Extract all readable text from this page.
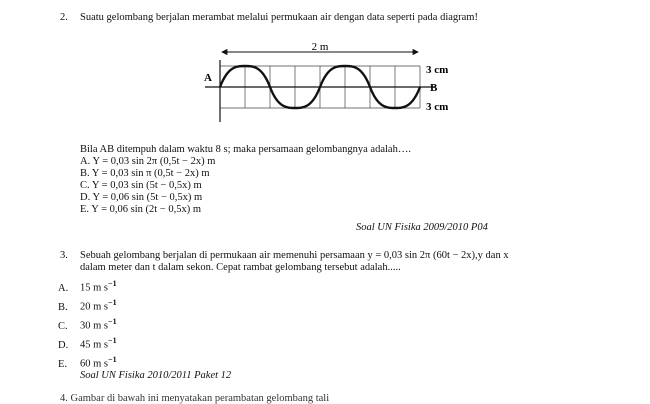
2. Suatu gelombang berjalan merambat melalui permukaan air dengan data seperti pada diagram!
2 m
A
3 cm
B
3 cm
Bila AB ditempuh dalam waktu 8 s; maka persamaan gelombangnya adalah….
A. Y = 0,03 sin 2π (0,5t − 2x) m
B. Y = 0,03 sin π (0,5t − 2x) m
C. Y = 0,03 sin (5t − 0,5x) m
D. Y = 0,06 sin (5t − 0,5x) m
E. Y = 0,06 sin (2t − 0,5x) m
Soal UN Fisika 2009/2010 P04
3. Sebuah gelombang berjalan di permukaan air memenuhi persamaan y = 0,03 sin 2π (60t − 2x),y dan x
dalam meter dan t dalam sekon. Cepat rambat gelombang tersebut adalah.....
A. 15 m $s^{-1}$
B. 20 m $s^{-1}$
C. 30 m $s^{-1}$
D. 45 m $s^{-1}$
E. 60 m $s^{-1}$
Soal UN Fisika 2010/2011 Paket 12
4. Gambar di bawah ini menyatakan perambatan gelombang tali
